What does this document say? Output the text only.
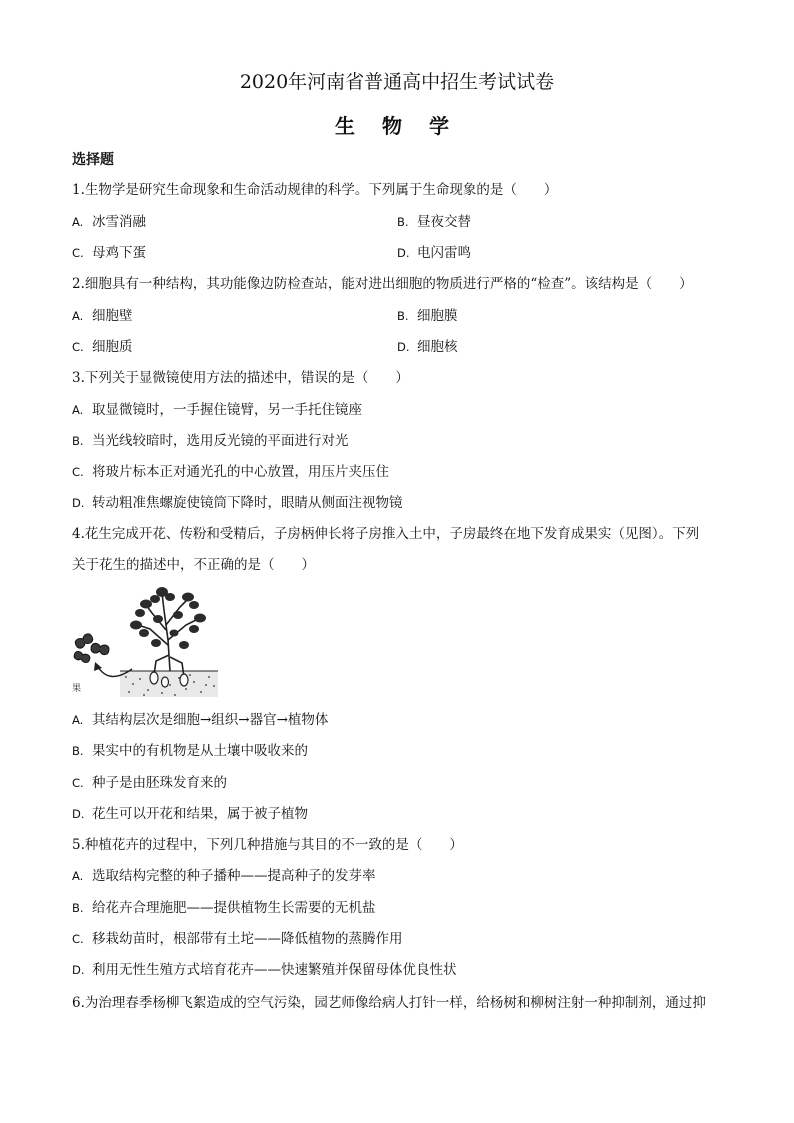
2020年河南省普通高中招生考试试卷
生 物 学
选择题
1.生物学是研究生命现象和生命活动规律的科学。下列属于生命现象的是（　　）
A. 冰雪消融	B. 昼夜交替
C. 母鸡下蛋	D. 电闪雷鸣
2.细胞具有一种结构，其功能像边防检查站，能对进出细胞的物质进行严格的“检查”。该结构是（　　）
A. 细胞壁	B. 细胞膜
C. 细胞质	D. 细胞核
3.下列关于显微镜使用方法的描述中，错误的是（　　）
A. 取显微镜时，一手握住镜臂，另一手托住镜座
B. 当光线较暗时，选用反光镜的平面进行对光
C. 将玻片标本正对通光孔的中心放置，用压片夹压住
D. 转动粗准焦螺旋使镜筒下降时，眼睛从侧面注视物镜
4.花生完成开花、传粉和受精后，子房柄伸长将子房推入土中，子房最终在地下发育成果实（见图）。下列
关于花生的描述中，不正确的是（　　）
果
A. 其结构层次是细胞→组织→器官→植物体
B. 果实中的有机物是从土壤中吸收来的
C. 种子是由胚珠发育来的
D. 花生可以开花和结果，属于被子植物
5.种植花卉的过程中，下列几种措施与其目的不一致的是（　　）
A. 选取结构完整的种子播种——提高种子的发芽率
B. 给花卉合理施肥——提供植物生长需要的无机盐
C. 移栽幼苗时，根部带有土坨——降低植物的蒸腾作用
D. 利用无性生殖方式培育花卉——快速繁殖并保留母体优良性状
6.为治理春季杨柳飞絮造成的空气污染，园艺师像给病人打针一样，给杨树和柳树注射一种抑制剂，通过抑
